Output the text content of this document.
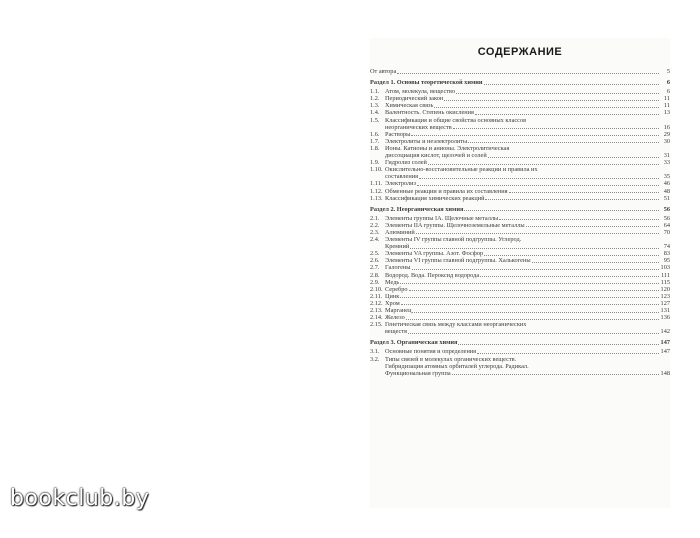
СОДЕРЖАНИЕ
От автора	5
Раздел 1. Основы теоретической химии	6
1.1. Атом, молекула, вещество	6
1.2. Периодический закон	11
1.3. Химическая связь	11
1.4. Валентность. Степень окисления	13
1.5. Классификация и общие свойства основных классов
неорганических веществ	16
1.6. Растворы	29
1.7. Электролиты и неэлектролиты	30
1.8. Ионы. Катионы и анионы. Электролитическая
диссоциация кислот, щелочей и солей	31
1.9. Гидролиз солей	33
1.10. Окислительно-восстановительные реакции и правила их
составления	35
1.11. Электролиз	46
1.12. Обменные реакции и правила их составления	48
1.13. Классификация химических реакций	51
Раздел 2. Неорганическая химия	56
2.1. Элементы группы IA. Щелочные металлы	56
2.2. Элементы IIA группы. Щелочноземельные металлы	64
2.3. Алюминий	70
2.4. Элементы IV группы главной подгруппы. Углерод.
Кремний	74
2.5. Элементы VA группы. Азот. Фосфор	83
2.6. Элементы VI группы главной подгруппы. Халькогены	95
2.7. Галогены	103
2.8. Водород. Вода. Пероксид водорода	111
2.9. Медь	115
2.10. Серебро	120
2.11. Цинк	123
2.12. Хром	127
2.13. Марганец	131
2.14. Железо	136
2.15. Генетическая связь между классами неорганических
веществ	142
Раздел 3. Органическая химия	147
3.1. Основные понятия и определения	147
3.2. Типы связей в молекулах органических веществ.
Гибридизация атомных орбиталей углерода. Радикал.
Функциональная группа	148
bookclub.by
